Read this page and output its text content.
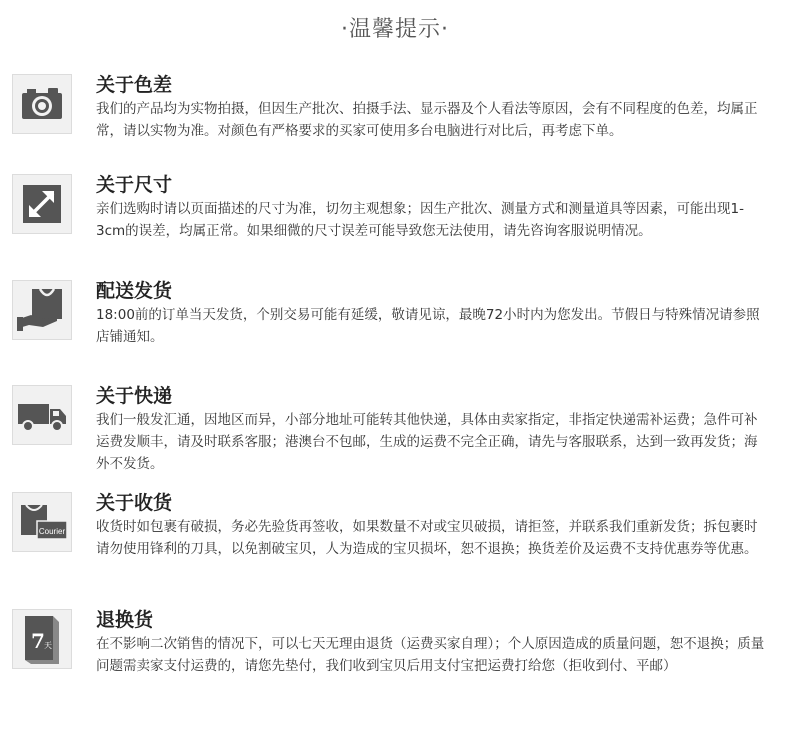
·温馨提示·
关于色差
我们的产品均为实物拍摄，但因生产批次、拍摄手法、显示器及个人看法等原因，会有不同程度的色差，均属正常，请以实物为准。对颜色有严格要求的买家可使用多台电脑进行对比后，再考虑下单。
关于尺寸
亲们选购时请以页面描述的尺寸为准，切勿主观想象；因生产批次、测量方式和测量道具等因素，可能出现1-3cm的误差，均属正常。如果细微的尺寸误差可能导致您无法使用，请先咨询客服说明情况。
配送发货
18:00前的订单当天发货，个别交易可能有延缓，敬请见谅，最晚72小时内为您发出。节假日与特殊情况请参照店铺通知。
关于快递
我们一般发汇通，因地区而异，小部分地址可能转其他快递，具体由卖家指定，非指定快递需补运费；急件可补运费发顺丰，请及时联系客服；港澳台不包邮，生成的运费不完全正确，请先与客服联系，达到一致再发货；海外不发货。
Courier
关于收货
收货时如包裹有破损，务必先验货再签收，如果数量不对或宝贝破损，请拒签，并联系我们重新发货；拆包裹时请勿使用锋利的刀具，以免割破宝贝，人为造成的宝贝损坏，恕不退换；换货差价及运费不支持优惠券等优惠。
7 天
退换货
在不影响二次销售的情况下，可以七天无理由退货（运费买家自理）；个人原因造成的质量问题，恕不退换；质量问题需卖家支付运费的，请您先垫付，我们收到宝贝后用支付宝把运费打给您（拒收到付、平邮）
